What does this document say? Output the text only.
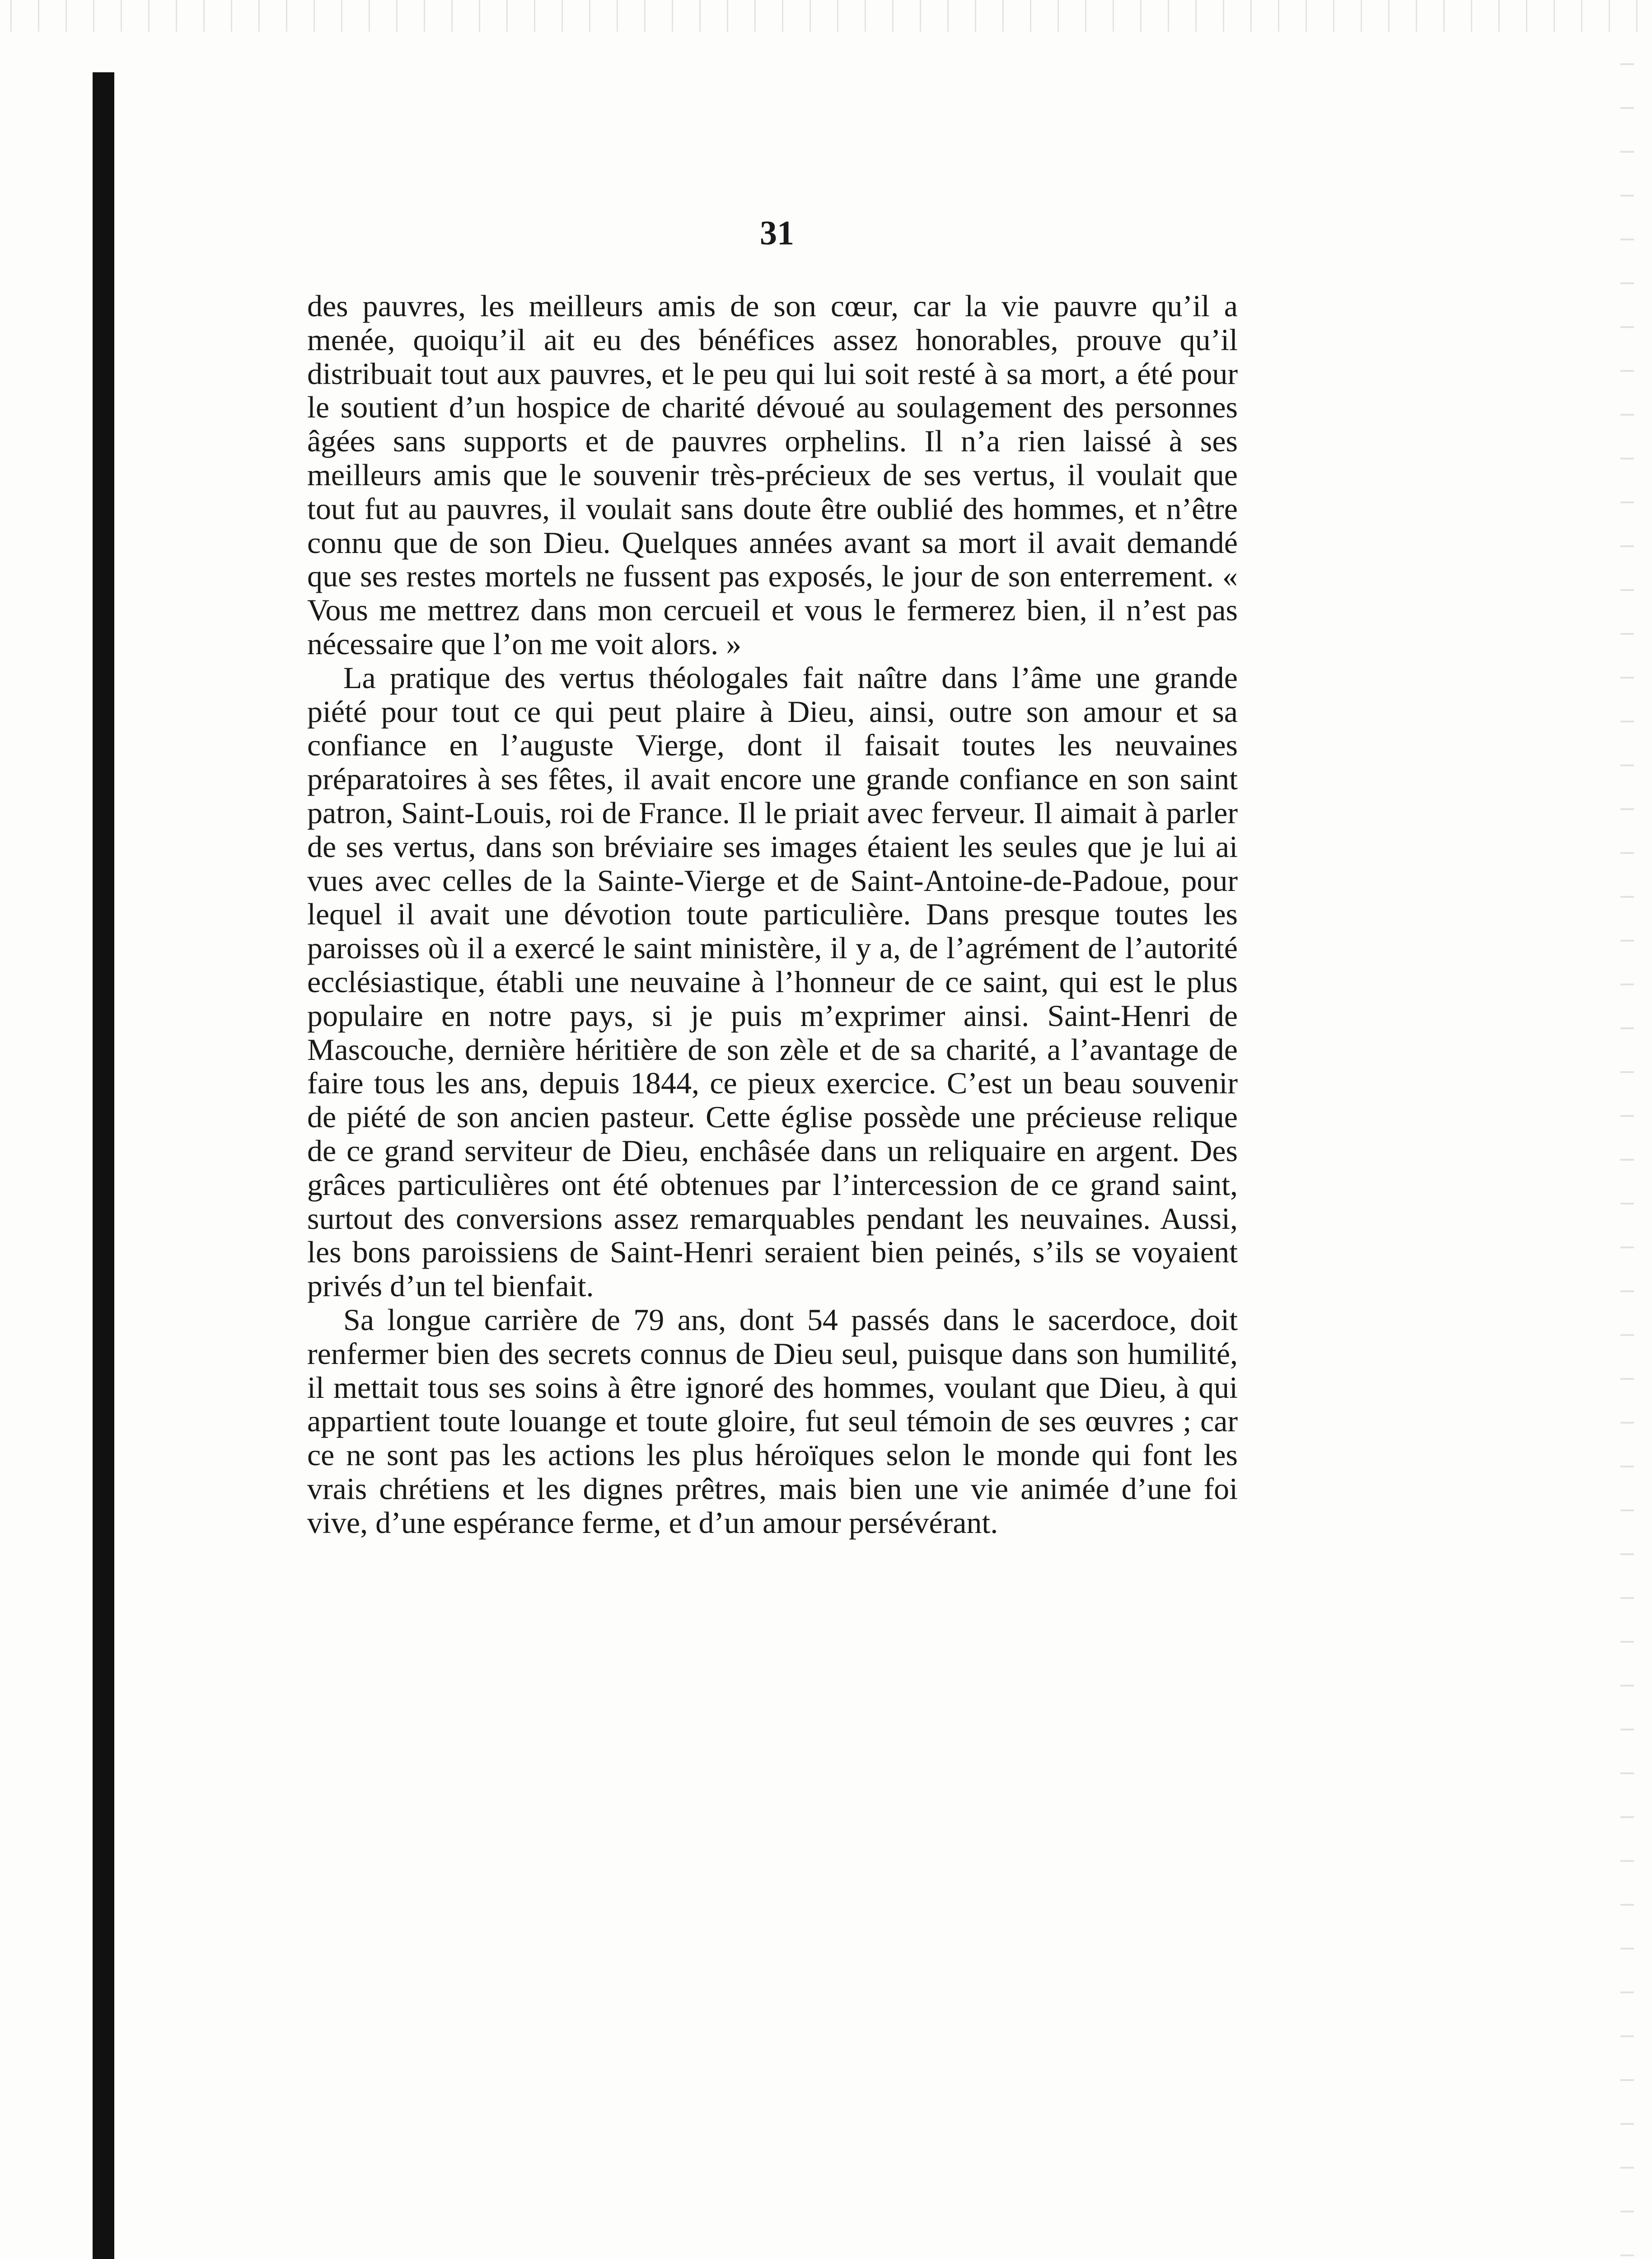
31

des pauvres, les meilleurs amis de son cœur, car la vie pauvre qu’il a menée, quoiqu’il ait eu des bénéfices assez honorables, prouve qu’il distribuait tout aux pauvres, et le peu qui lui soit resté à sa mort, a été pour le soutient d’un hospice de charité dévoué au soulagement des personnes âgées sans supports et de pauvres orphelins. Il n’a rien laissé à ses meilleurs amis que le souvenir très-précieux de ses vertus, il voulait que tout fut au pauvres, il voulait sans doute être oublié des hommes, et n’être connu que de son Dieu. Quelques années avant sa mort il avait demandé que ses restes mortels ne fussent pas exposés, le jour de son enterrement. « Vous me mettrez dans mon cercueil et vous le fermerez bien, il n’est pas nécessaire que l’on me voit alors. »

La pratique des vertus théologales fait naître dans l’âme une grande piété pour tout ce qui peut plaire à Dieu, ainsi, outre son amour et sa confiance en l’auguste Vierge, dont il faisait toutes les neuvaines préparatoires à ses fêtes, il avait encore une grande confiance en son saint patron, Saint-Louis, roi de France. Il le priait avec ferveur. Il aimait à parler de ses vertus, dans son bréviaire ses images étaient les seules que je lui ai vues avec celles de la Sainte-Vierge et de Saint-Antoine-de-Padoue, pour lequel il avait une dévotion toute particulière. Dans presque toutes les paroisses où il a exercé le saint ministère, il y a, de l’agrément de l’autorité ecclésiastique, établi une neuvaine à l’honneur de ce saint, qui est le plus populaire en notre pays, si je puis m’exprimer ainsi. Saint-Henri de Mascouche, dernière héritière de son zèle et de sa charité, a l’avantage de faire tous les ans, depuis 1844, ce pieux exercice. C’est un beau souvenir de piété de son ancien pasteur. Cette église possède une précieuse relique de ce grand serviteur de Dieu, enchâsée dans un reliquaire en argent. Des grâces particulières ont été obtenues par l’intercession de ce grand saint, surtout des conversions assez remarquables pendant les neuvaines. Aussi, les bons paroissiens de Saint-Henri seraient bien peinés, s’ils se voyaient privés d’un tel bienfait.

Sa longue carrière de 79 ans, dont 54 passés dans le sacerdoce, doit renfermer bien des secrets connus de Dieu seul, puisque dans son humilité, il mettait tous ses soins à être ignoré des hommes, voulant que Dieu, à qui appartient toute louange et toute gloire, fut seul témoin de ses œuvres ; car ce ne sont pas les actions les plus héroïques selon le monde qui font les vrais chrétiens et les dignes prêtres, mais bien une vie animée d’une foi vive, d’une espérance ferme, et d’un amour persévérant.
